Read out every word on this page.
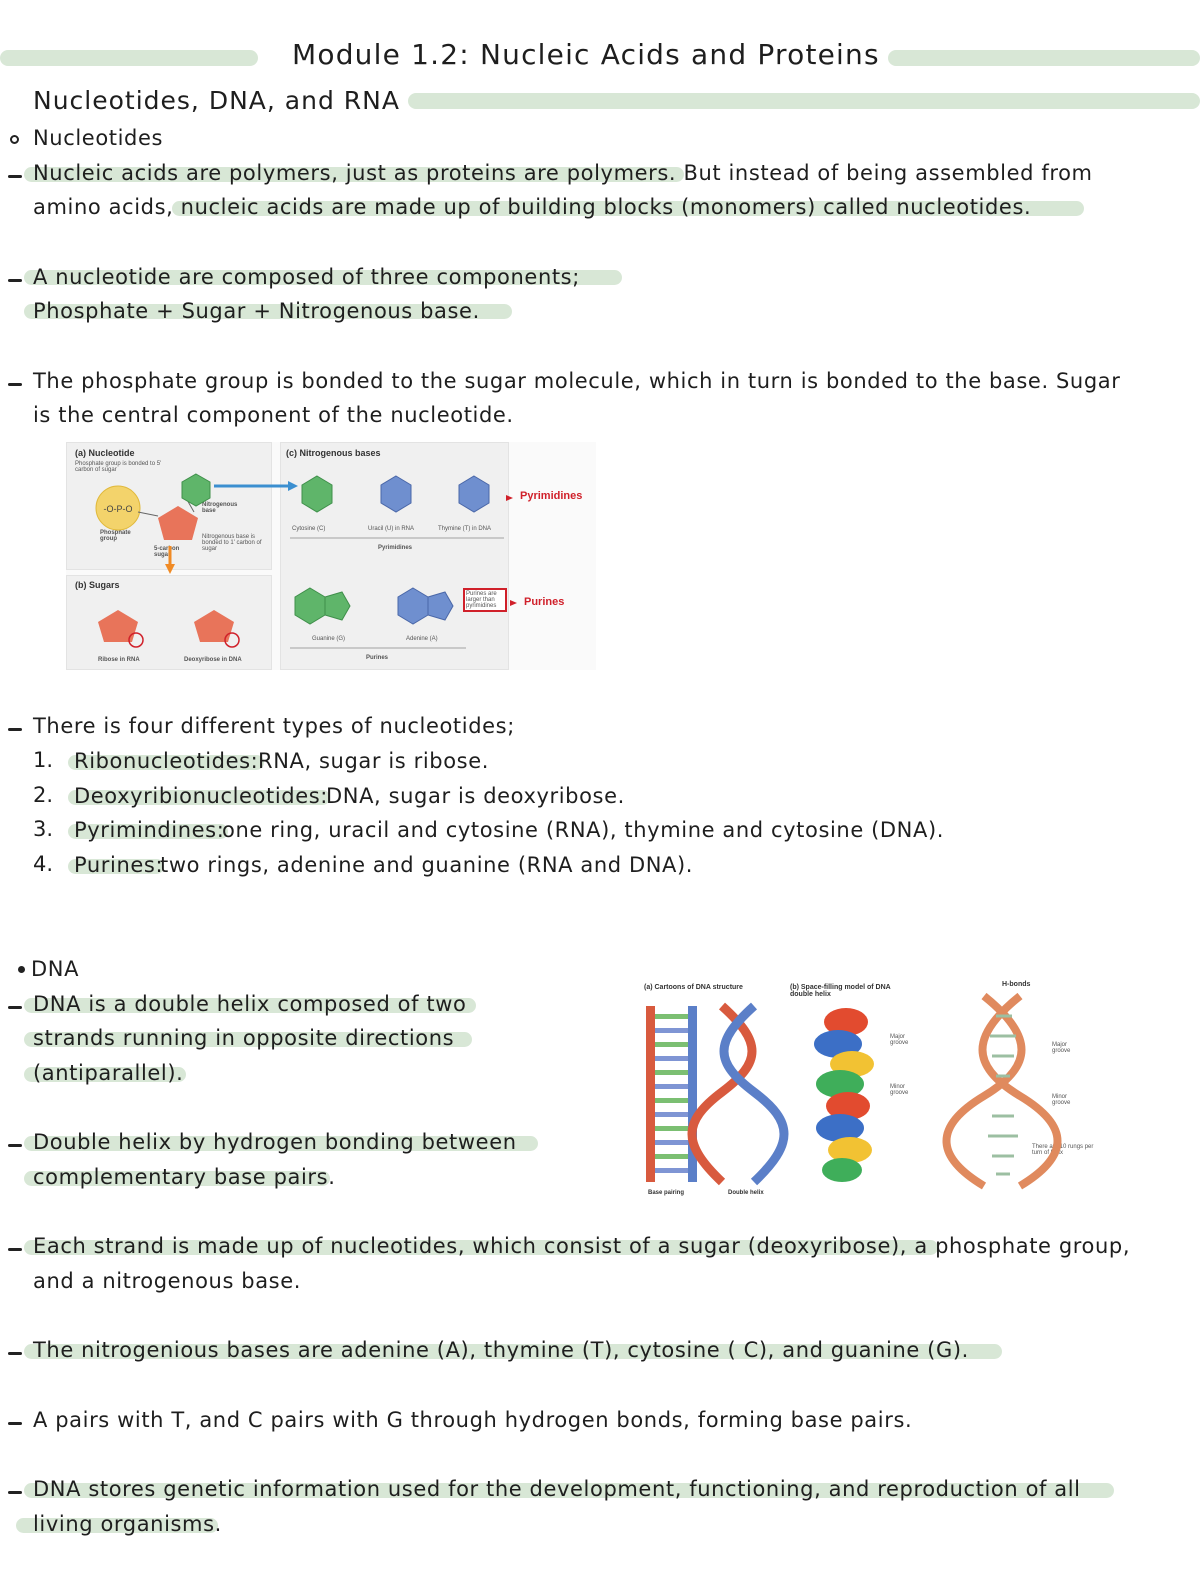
Module 1.2: Nucleic Acids and Proteins
Nucleotides, DNA, and RNA
Nucleotides
Nucleic acids are polymers, just as proteins are polymers. But instead of being assembled from
amino acids, nucleic acids are made up of building blocks (monomers) called nucleotides.
A nucleotide are composed of three components;
Phosphate + Sugar + Nitrogenous base.
The phosphate group is bonded to the sugar molecule, which in turn is bonded to the base. Sugar
is the central component of the nucleotide.
(a) Nucleotide
Phosphate group is bonded to 5' carbon of sugar
Phosphate group
Nitrogenous base
5-carbon sugar
Nitrogenous base is bonded to 1' carbon of sugar
(b) Sugars
Ribose in RNA	Deoxyribose in DNA
(c) Nitrogenous bases
Cytosine (C)	Uracil (U) in RNA	Thymine (T) in DNA
Pyrimidines
Guanine (G)	Adenine (A)
Purines
Purines are larger than pyrimidines
Pyrimidines
Purines
-O-P-O
There is four different types of nucleotides;
1. Ribonucleotides: RNA, sugar is ribose.
2. Deoxyribionucleotides:
DNA, sugar is deoxyribose.
3. Pyrimindines:
one ring, uracil and cytosine (RNA), thymine and cytosine (DNA).
4. Purines:
two rings, adenine and guanine (RNA and DNA).
DNA
DNA is a double helix composed of two
strands running in opposite directions
(antiparallel).
Double helix by hydrogen bonding between
complementary base pairs.
(a) Cartoons of DNA structure	(b) Space-filling model of DNA double helix
H-bonds
Major groove
Minor groove
Major groove
Minor groove
There are 10 rungs per turn of helix
Base pairing	Double helix
Each strand is made up of nucleotides, which consist of a sugar (deoxyribose), a phosphate group,
and a nitrogenous base.
The nitrogenious bases are adenine (A), thymine (T), cytosine ( C), and guanine (G).
A pairs with T, and C pairs with G through hydrogen bonds, forming base pairs.
DNA stores genetic information used for the development, functioning, and reproduction of all
living organisms.
